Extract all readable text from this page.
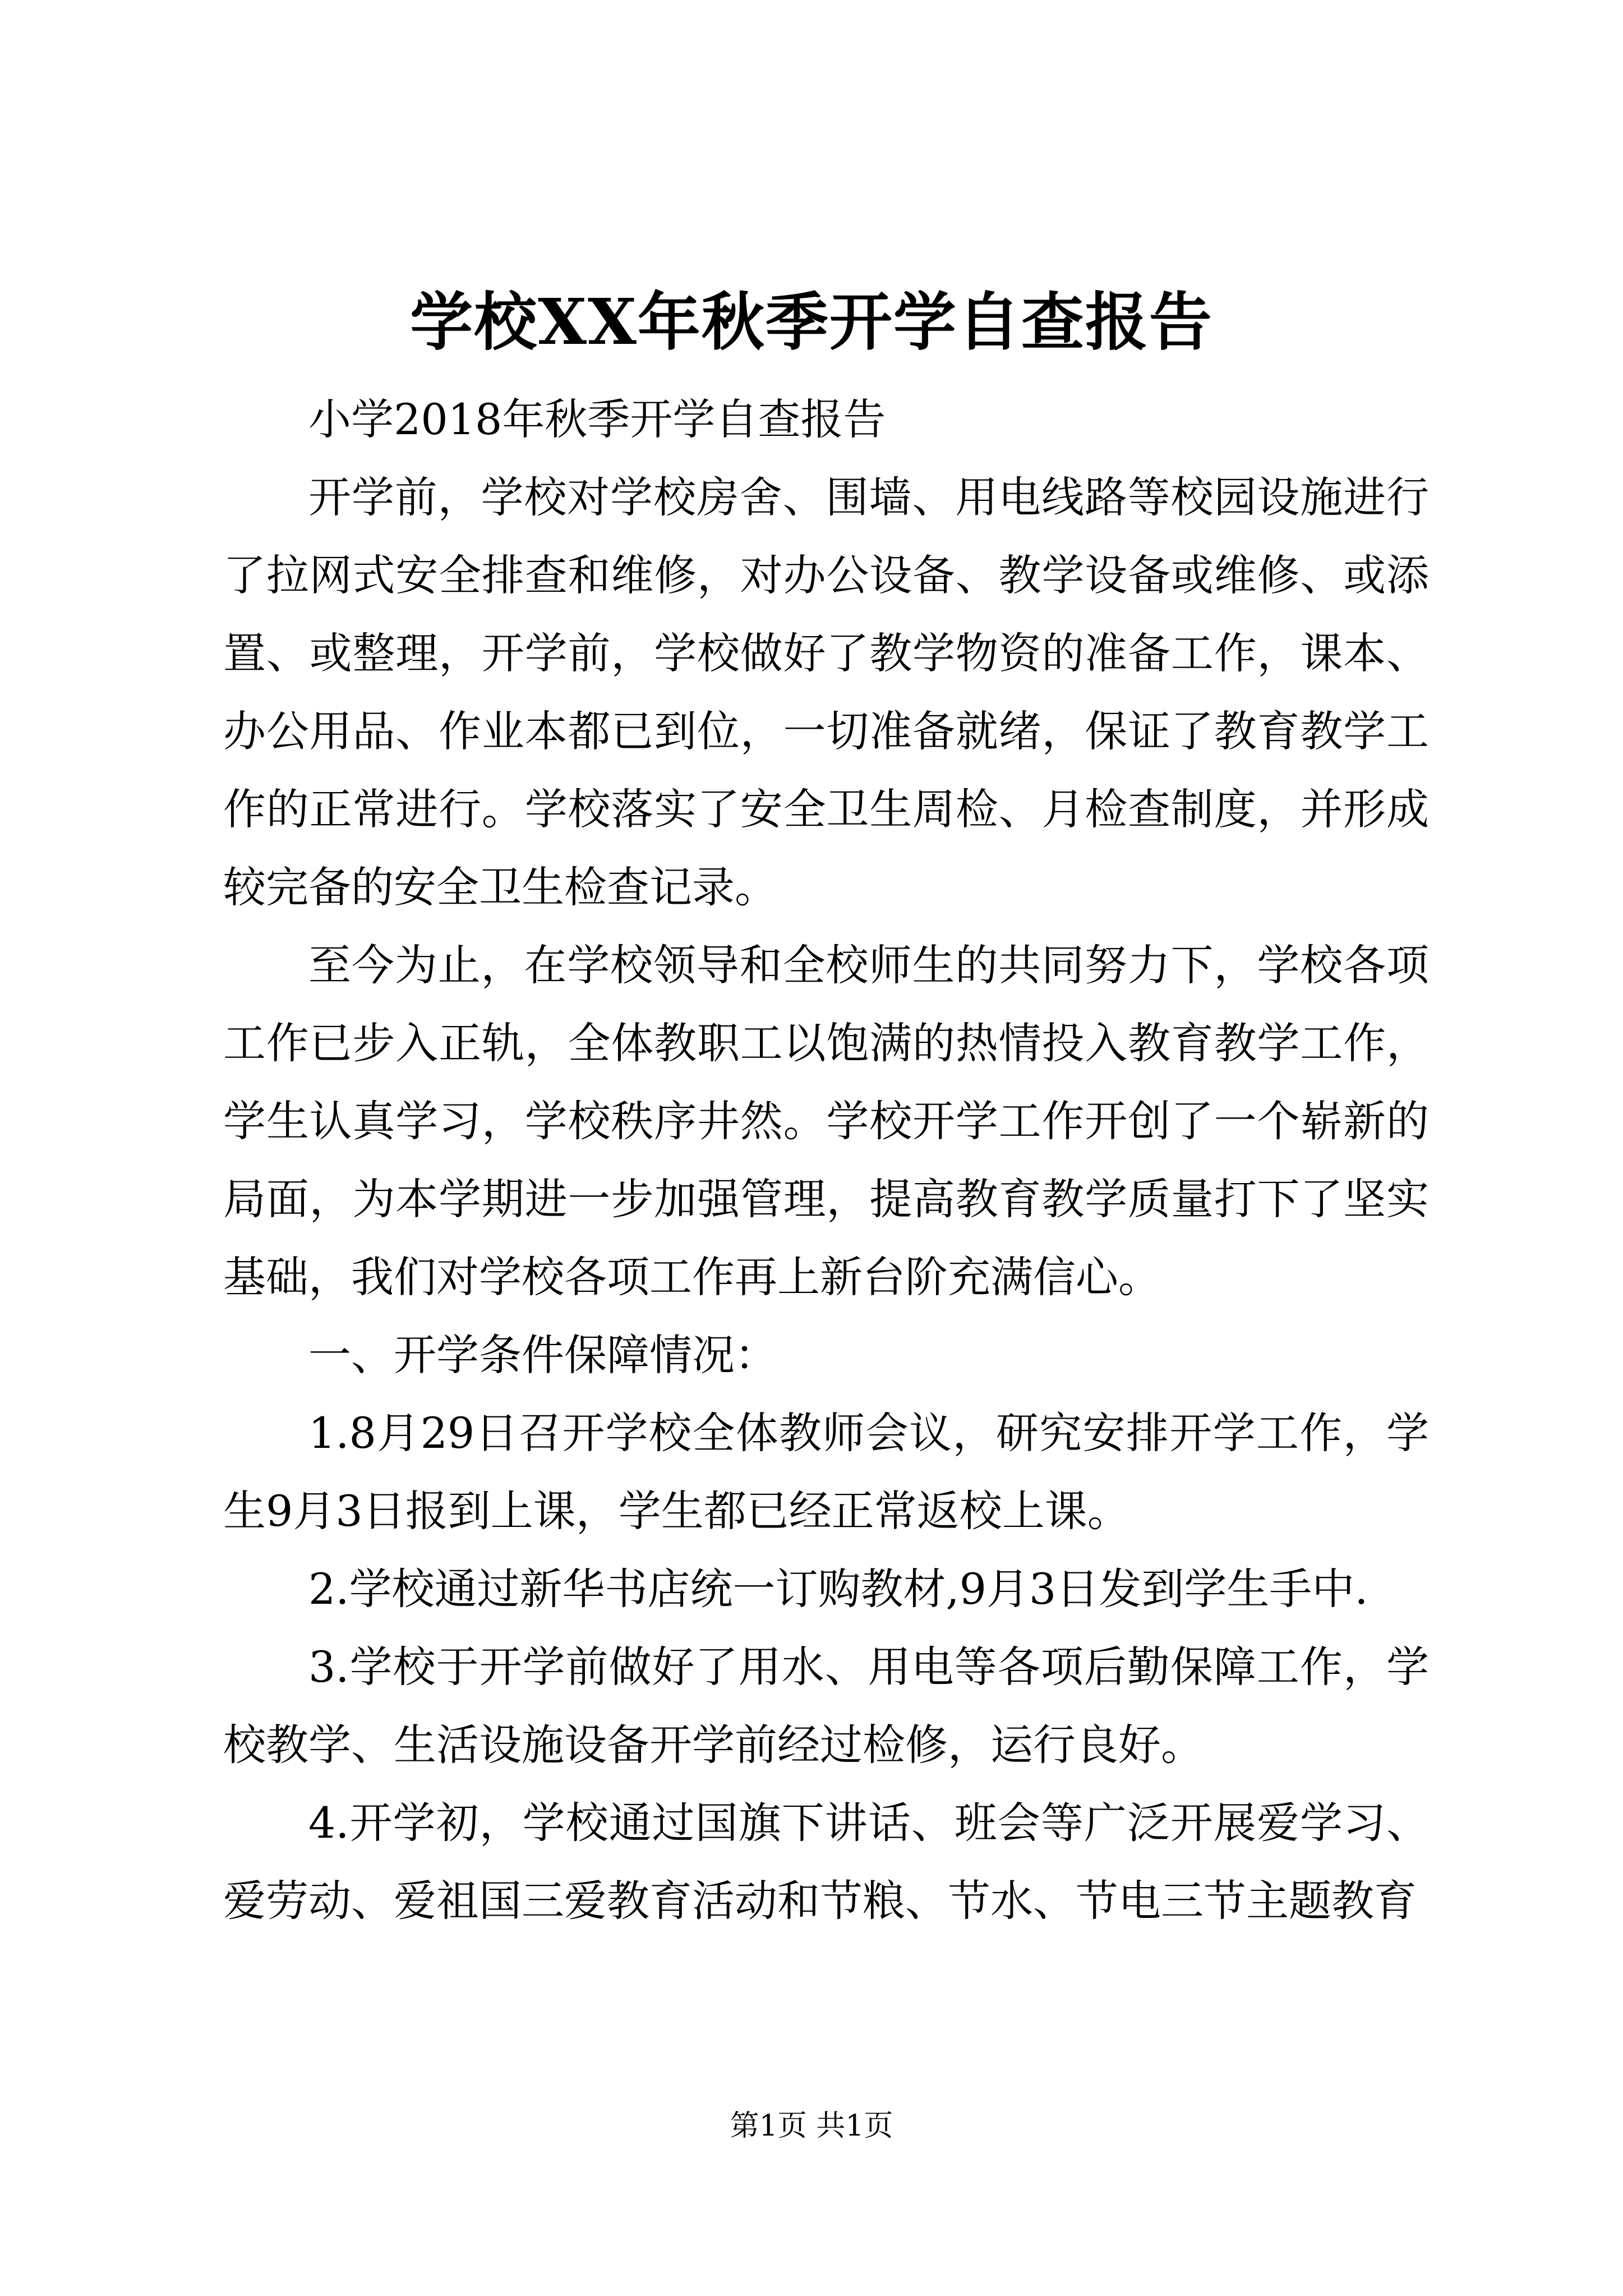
学校XX年秋季开学自查报告

小学2018年秋季开学自查报告

开学前，学校对学校房舍、围墙、用电线路等校园设施进行了拉网式安全排查和维修，对办公设备、教学设备或维修、或添置、或整理，开学前，学校做好了教学物资的准备工作，课本、办公用品、作业本都已到位，一切准备就绪，保证了教育教学工作的正常进行。学校落实了安全卫生周检、月检查制度，并形成较完备的安全卫生检查记录。

至今为止，在学校领导和全校师生的共同努力下，学校各项工作已步入正轨，全体教职工以饱满的热情投入教育教学工作，学生认真学习，学校秩序井然。学校开学工作开创了一个崭新的局面，为本学期进一步加强管理，提高教育教学质量打下了坚实基础，我们对学校各项工作再上新台阶充满信心。

一、开学条件保障情况：

1.8月29日召开学校全体教师会议，研究安排开学工作，学生9月3日报到上课，学生都已经正常返校上课。

2.学校通过新华书店统一订购教材,9月3日发到学生手中.

3.学校于开学前做好了用水、用电等各项后勤保障工作，学校教学、生活设施设备开学前经过检修，运行良好。

4.开学初，学校通过国旗下讲话、班会等广泛开展爱学习、爱劳动、爱祖国三爱教育活动和节粮、节水、节电三节主题教育

第1页 共1页
